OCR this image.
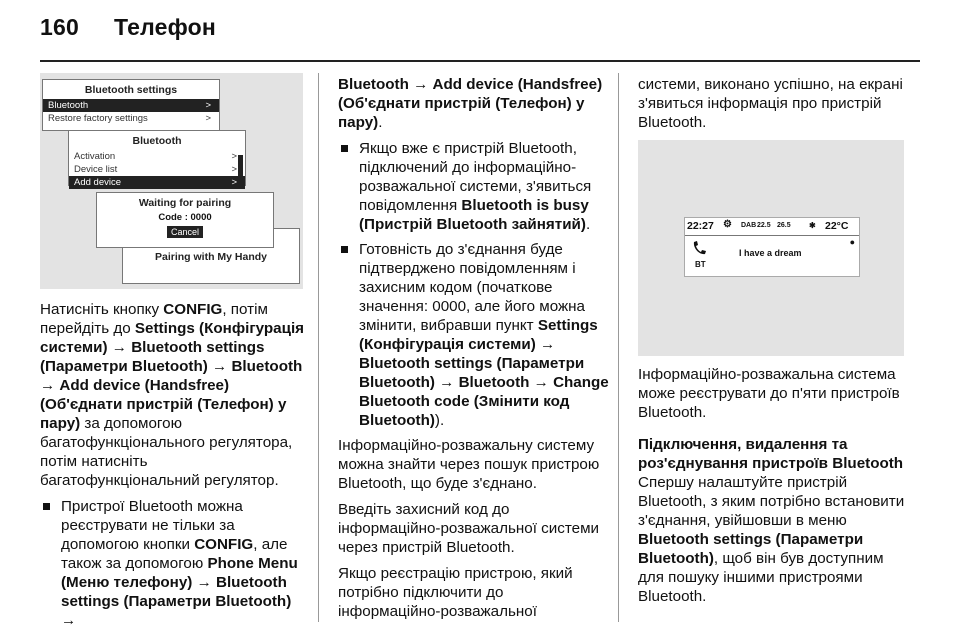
160 Телефон
Bluetooth settings
Bluetooth	>
Restore factory settings	>
Bluetooth
Activation	>
Device list	>
Add device	>
Pairing with My Handy
Waiting for pairing
Code : 0000
Cancel

Натисніть кнопку CONFIG, потім перейдіть до Settings (Конфігурація системи) → Bluetooth settings (Параметри Bluetooth) → Bluetooth → Add device (Handsfree) (Об'єднати пристрій (Телефон) у пару) за допомогою багатофункціонального регулятора, потім натисніть багатофункціональний регулятор.

Пристрої Bluetooth можна реєструвати не тільки за допомогою кнопки CONFIG, але також за допомогою Phone Menu (Меню телефону) → Bluetooth settings (Параметри Bluetooth) →

Bluetooth → Add device (Handsfree) (Об'єднати пристрій (Телефон) у пару).

Якщо вже є пристрій Bluetooth, підключений до інформаційно-розважальної системи, з'явиться повідомлення Bluetooth is busy (Пристрій Bluetooth зайнятий).
Готовність до з'єднання буде підтверджено повідомленням і захисним кодом (початкове значення: 0000, але його можна змінити, вибравши пункт Settings (Конфігурація системи) → Bluetooth settings (Параметри Bluetooth) → Bluetooth → Change Bluetooth code (Змінити код Bluetooth)).

Інформаційно-розважальну систему можна знайти через пошук пристрою Bluetooth, що буде з'єднано.

Введіть захисний код до інформаційно-розважальної системи через пристрій Bluetooth.

Якщо реєстрацію пристрою, який потрібно підключити до інформаційно-розважальної

системи, виконано успішно, на екрані з'явиться інформація про пристрій Bluetooth.

22:27 ⚙ DAB 22.5 26.5 ✱ 22°C
●
BT
I have a dream

Інформаційно-розважальна система може реєструвати до п'яти пристроїв Bluetooth.

Підключення, видалення та роз'єднування пристроїв Bluetooth

Спершу налаштуйте пристрій Bluetooth, з яким потрібно встановити з'єднання, увійшовши в меню Bluetooth settings (Параметри Bluetooth), щоб він був доступним для пошуку іншими пристроями Bluetooth.
